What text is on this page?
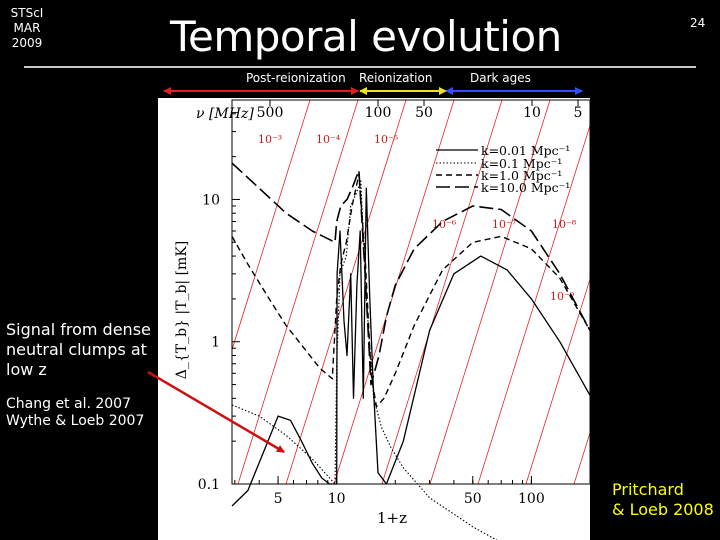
STScI
MAR
2009	Temporal evolution	24
Post-reionization Reionization	Dark ages
Signal from dense
neutral clumps at
low z
Chang et al. 2007
Wythe & Loeb 2007
Pritchard
& Loeb 2008
10⁻³	10⁻⁴	10⁻⁵
10⁻⁶	10⁻⁷	10⁻⁸
10⁻⁹
0.1
1
10
5	10	50	100
500	100 50	10 5
ν [MHz]
1+z
Δ_{T_b} |T_b| [mK]
k=0.01 Mpc⁻¹
k=0.1 Mpc⁻¹
k=1.0 Mpc⁻¹
k=10.0 Mpc⁻¹
